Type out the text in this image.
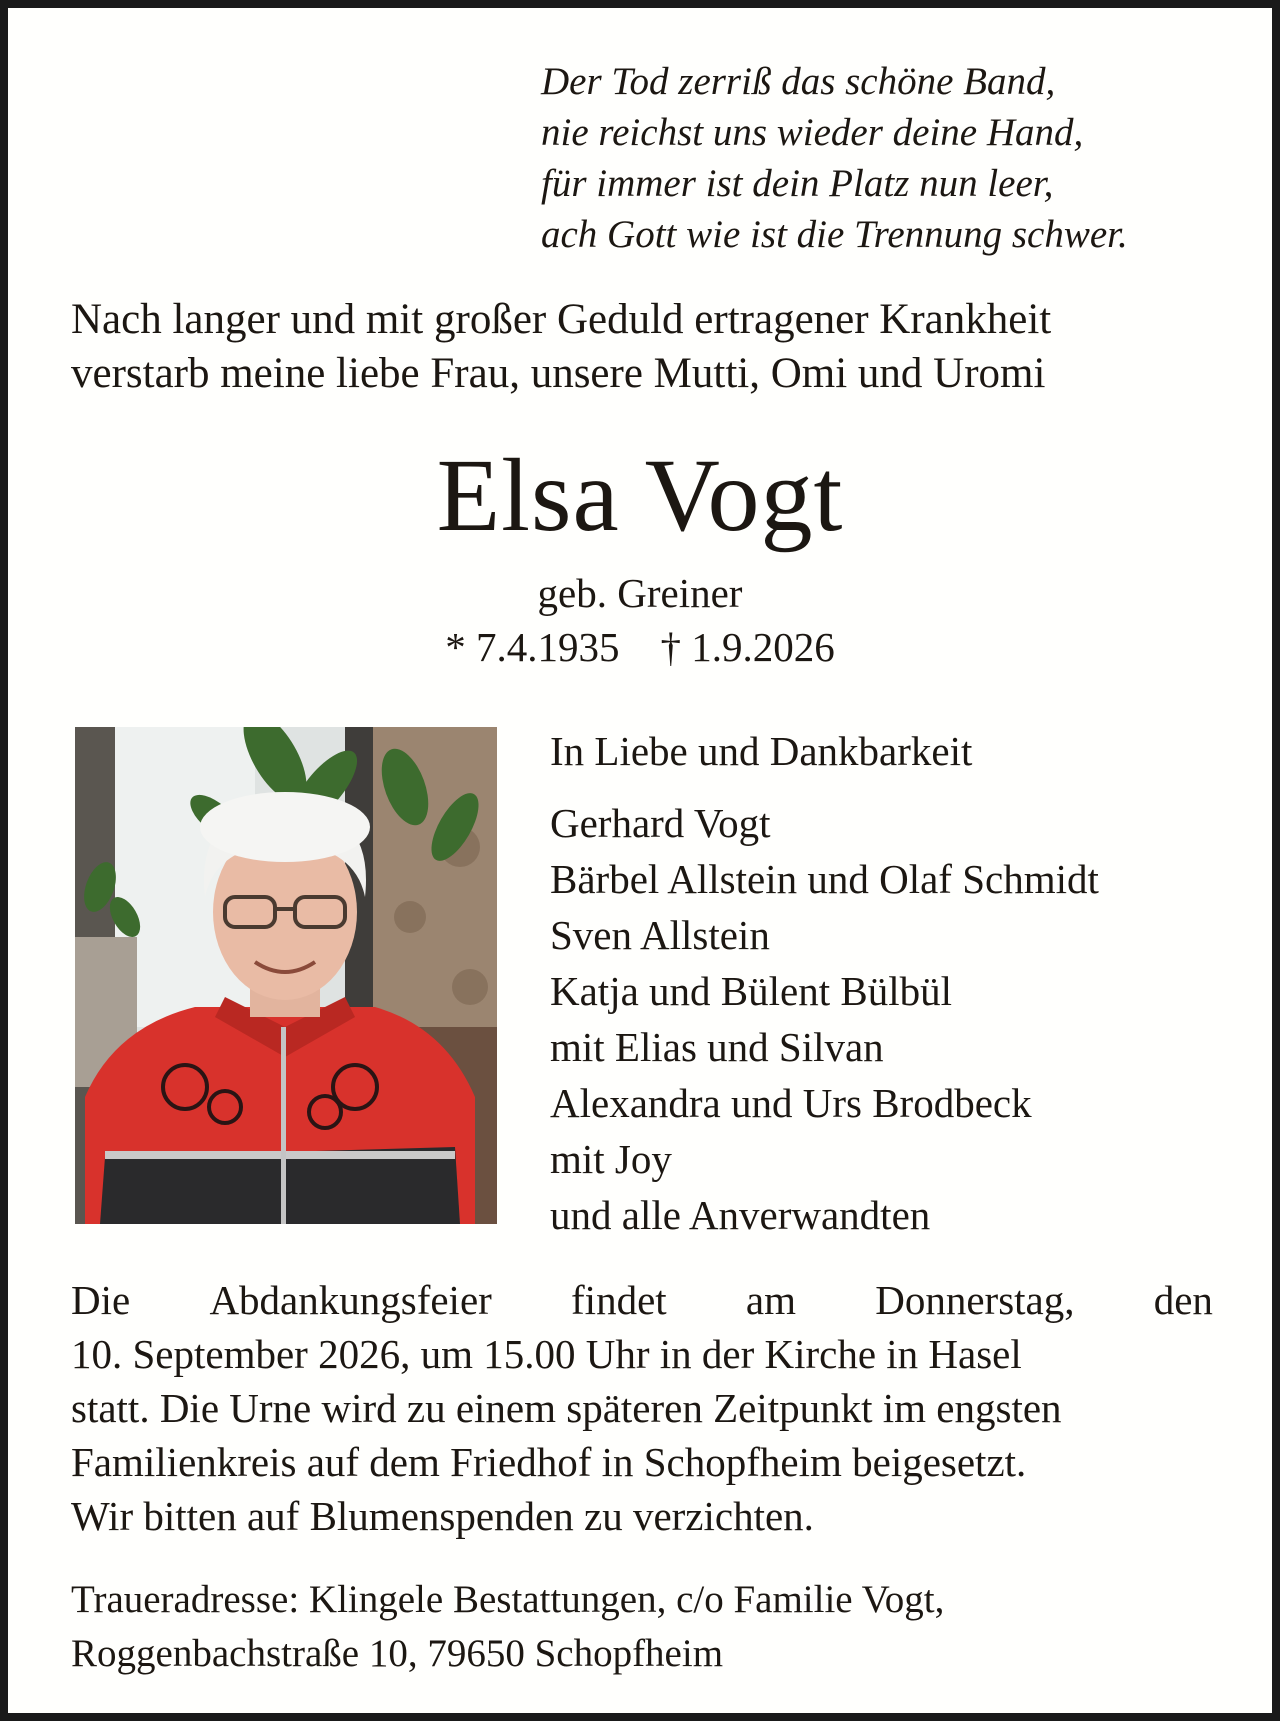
Der Tod zerriß das schöne Band,
nie reichst uns wieder deine Hand,
für immer ist dein Platz nun leer,
ach Gott wie ist die Trennung schwer.
Nach langer und mit großer Geduld ertragener Krankheit
verstarb meine liebe Frau, unsere Mutti, Omi und Uromi
Elsa Vogt
geb. Greiner
* 7.4.1935    † 1.9.2026
In Liebe und Dankbarkeit
Gerhard Vogt
Bärbel Allstein und Olaf Schmidt
Sven Allstein
Katja und Bülent Bülbül
mit Elias und Silvan
Alexandra und Urs Brodbeck
mit Joy
und alle Anverwandten
Die Abdankungsfeier findet am Donnerstag, den
10. September 2026, um 15.00 Uhr in der Kirche in Hasel
statt. Die Urne wird zu einem späteren Zeitpunkt im engsten
Familienkreis auf dem Friedhof in Schopfheim beigesetzt.
Wir bitten auf Blumenspenden zu verzichten.
Traueradresse: Klingele Bestattungen, c/o Familie Vogt,
Roggenbachstraße 10, 79650 Schopfheim
